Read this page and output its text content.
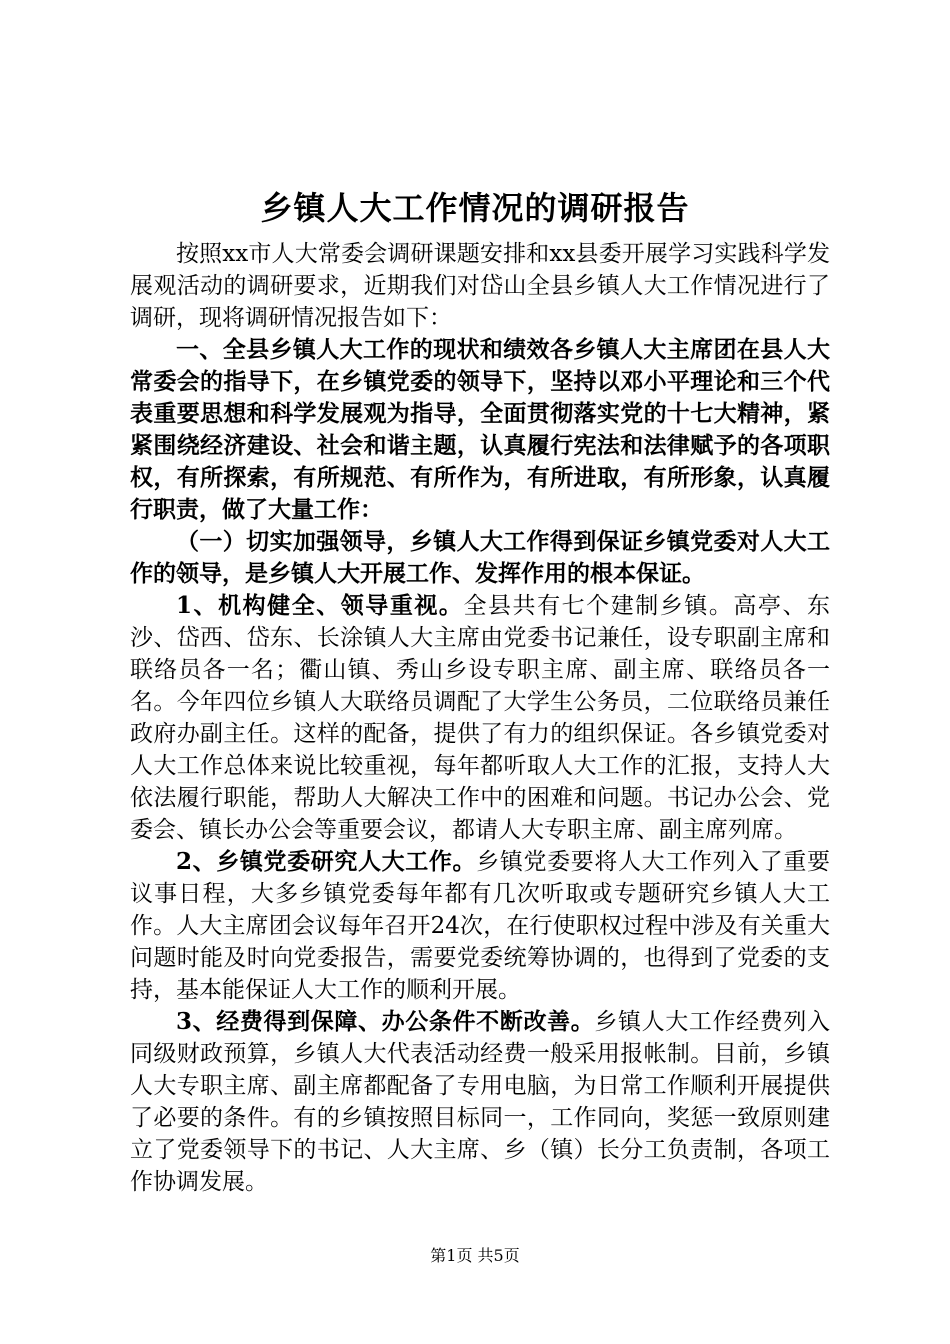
乡镇人大工作情况的调研报告

按照xx市人大常委会调研课题安排和xx县委开展学习实践科学发展观活动的调研要求，近期我们对岱山全县乡镇人大工作情况进行了调研，现将调研情况报告如下：

一、全县乡镇人大工作的现状和绩效各乡镇人大主席团在县人大常委会的指导下，在乡镇党委的领导下，坚持以邓小平理论和三个代表重要思想和科学发展观为指导，全面贯彻落实党的十七大精神，紧紧围绕经济建设、社会和谐主题，认真履行宪法和法律赋予的各项职权，有所探索，有所规范、有所作为，有所进取，有所形象，认真履行职责，做了大量工作：

（一）切实加强领导，乡镇人大工作得到保证乡镇党委对人大工作的领导，是乡镇人大开展工作、发挥作用的根本保证。

1、机构健全、领导重视。全县共有七个建制乡镇。高亭、东沙、岱西、岱东、长涂镇人大主席由党委书记兼任，设专职副主席和联络员各一名；衢山镇、秀山乡设专职主席、副主席、联络员各一名。今年四位乡镇人大联络员调配了大学生公务员，二位联络员兼任政府办副主任。这样的配备，提供了有力的组织保证。各乡镇党委对人大工作总体来说比较重视，每年都听取人大工作的汇报，支持人大依法履行职能，帮助人大解决工作中的困难和问题。书记办公会、党委会、镇长办公会等重要会议，都请人大专职主席、副主席列席。

2、乡镇党委研究人大工作。乡镇党委要将人大工作列入了重要议事日程，大多乡镇党委每年都有几次听取或专题研究乡镇人大工作。人大主席团会议每年召开24次，在行使职权过程中涉及有关重大问题时能及时向党委报告，需要党委统筹协调的，也得到了党委的支持，基本能保证人大工作的顺利开展。

3、经费得到保障、办公条件不断改善。乡镇人大工作经费列入同级财政预算，乡镇人大代表活动经费一般采用报帐制。目前，乡镇人大专职主席、副主席都配备了专用电脑，为日常工作顺利开展提供了必要的条件。有的乡镇按照目标同一，工作同向，奖惩一致原则建立了党委领导下的书记、人大主席、乡（镇）长分工负责制，各项工作协调发展。

第1页 共5页
